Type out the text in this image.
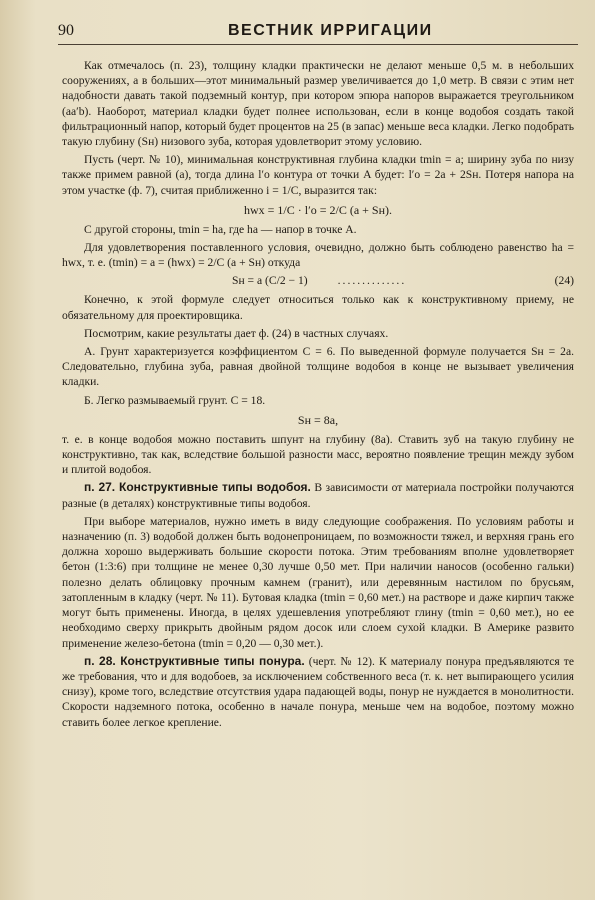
90	ВЕСТНИК ИРРИГАЦИИ

Как отмечалось (п. 23), толщину кладки практически не делают меньше 0,5 м. в небольших сооружениях, а в больших—этот минимальный размер увеличивается до 1,0 метр. В связи с этим нет надобности давать такой подземный контур, при котором эпюра напоров выражается треугольником (aa′b). Наоборот, материал кладки будет полнее использован, если в конце водобоя создать такой фильтрационный напор, который будет процентов на 25 (в запас) меньше веса кладки. Легко подобрать такую глубину (Sн) низового зуба, которая удовлетворит этому условию.

Пусть (черт. № 10), минимальная конструктивная глубина кладки tmin = a; ширину зуба по низу также примем равной (a), тогда длина l′o контура от точки A будет: l′o = 2a + 2Sн. Потеря напора на этом участке (ф. 7), считая приближенно i = 1/C, выразится так:

hwx = 1/C · l′o = 2/C (a + Sн).

С другой стороны, tmin = ha, где ha — напор в точке A.

Для удовлетворения поставленного условия, очевидно, должно быть соблюдено равенство ha = hwx, т. е. (tmin) = a = (hwx) = 2/C (a + Sн) откуда

Sн = a (C/2 − 1)	..............	(24)

Конечно, к этой формуле следует относиться только как к конструктивному приему, не обязательному для проектировщика.

Посмотрим, какие результаты дает ф. (24) в частных случаях.

А. Грунт характеризуется коэффициентом C = 6. По выведенной формуле получается Sн = 2a. Следовательно, глубина зуба, равная двойной толщине водобоя в конце не вызывает увеличения кладки.

Б. Легко размываемый грунт. C = 18.

Sн = 8a,

т. е. в конце водобоя можно поставить шпунт на глубину (8a). Ставить зуб на такую глубину не конструктивно, так как, вследствие большой разности масс, вероятно появление трещин между зубом и плитой водобоя.

п. 27. Конструктивные типы водобоя. В зависимости от материала постройки получаются разные (в деталях) конструктивные типы водобоя.

При выборе материалов, нужно иметь в виду следующие соображения. По условиям работы и назначению (п. 3) водобой должен быть водонепроницаем, по возможности тяжел, и верхняя грань его должна хорошо выдерживать большие скорости потока. Этим требованиям вполне удовлетворяет бетон (1:3:6) при толщине не менее 0,30 лучше 0,50 мет. При наличии наносов (особенно гальки) полезно делать облицовку прочным камнем (гранит), или деревянным настилом по брусьям, затопленным в кладку (черт. № 11). Бутовая кладка (tmin = 0,60 мет.) на растворе и даже кирпич также могут быть применены. Иногда, в целях удешевления употребляют глину (tmin = 0,60 мет.), но ее необходимо сверху прикрыть двойным рядом досок или слоем сухой кладки. В Америке развито применение железо-бетона (tmin = 0,20 — 0,30 мет.).

п. 28. Конструктивные типы понура. (черт. № 12). К материалу понура предъявляются те же требования, что и для водобоев, за исключением собственного веса (т. к. нет выпирающего усилия снизу), кроме того, вследствие отсутствия удара падающей воды, понур не нуждается в монолитности. Скорости надземного потока, особенно в начале понура, меньше чем на водобое, поэтому можно ставить более легкое крепление.
